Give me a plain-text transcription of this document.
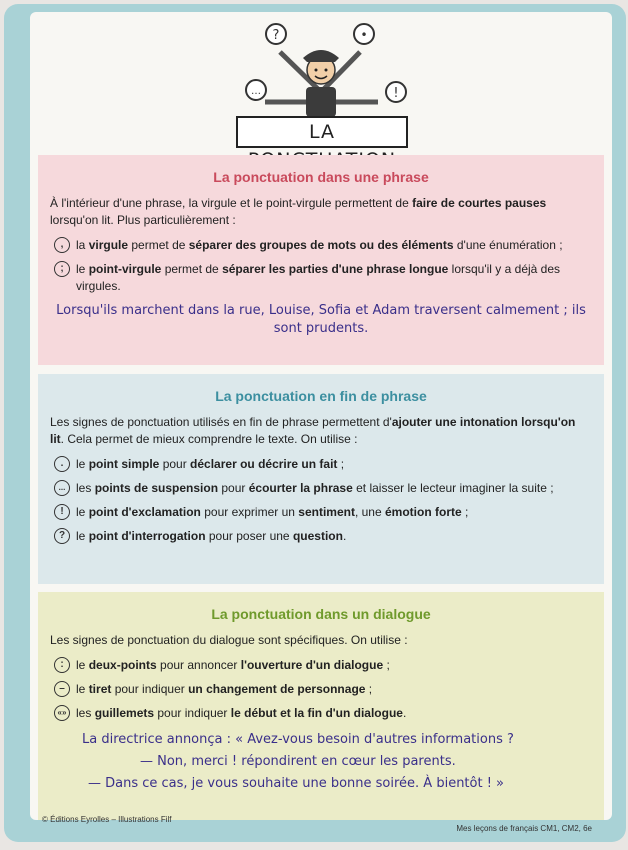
?	•
…	!
LA
La ponctuation dans une phrase

À l'intérieur d'une phrase, la virgule et le point-virgule permettent de faire de courtes pauses lorsqu'on lit. Plus particulièrement :

,	la virgule permet de séparer des groupes de mots ou des éléments d'une énumération ;
;	le point-virgule permet de séparer les parties d'une phrase longue lorsqu'il y a déjà des virgules.
Lorsqu'ils marchent dans la rue, Louise, Sofia et Adam traversent calmement ; ils sont prudents.
La ponctuation en fin de phrase

Les signes de ponctuation utilisés en fin de phrase permettent d'ajouter une intonation lorsqu'on lit. Cela permet de mieux comprendre le texte. On utilise :

.	le point simple pour déclarer ou décrire un fait ;
... les points de suspension pour écourter la phrase et laisser le lecteur imaginer la suite ;
!	le point d'exclamation pour exprimer un sentiment, une émotion forte ;
? le point d'interrogation pour poser une question.
La ponctuation dans un dialogue

Les signes de ponctuation du dialogue sont spécifiques. On utilise :

:	le deux-points pour annoncer l'ouverture d'un dialogue ;
– le tiret pour indiquer un changement de personnage ;
«» les guillemets pour indiquer le début et la fin d'un dialogue.
La directrice annonça : « Avez-vous besoin d'autres informations ?
— Non, merci ! répondirent en cœur les parents.
— Dans ce cas, je vous souhaite une bonne soirée. À bientôt ! »
© Éditions Eyrolles – Illustrations Filf
Mes leçons de français CM1, CM2, 6e
